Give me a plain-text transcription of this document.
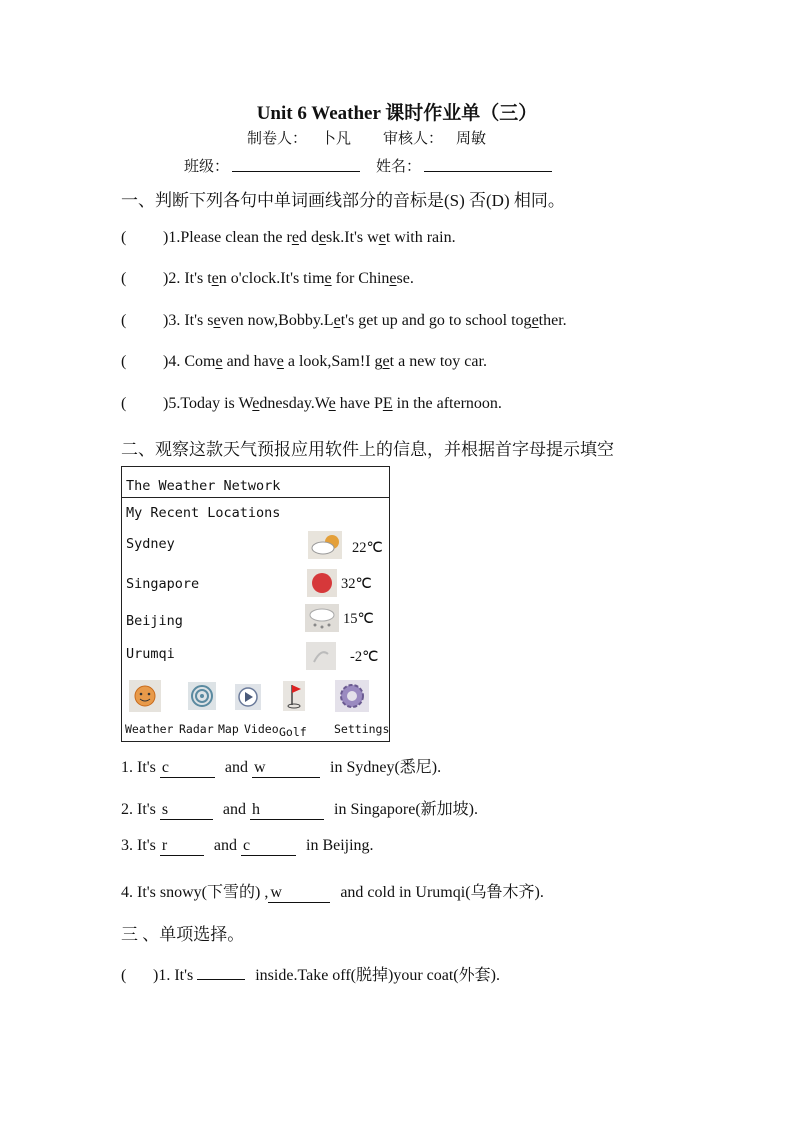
Unit 6 Weather 课时作业单（三）
制卷人： 卜凡 审核人： 周敏
班级：	姓名：
一、判断下列各句中单词画线部分的音标是(S) 否(D) 相同。
( )1.Please clean the red desk.It's wet with rain.
( )2. It's ten o'clock.It's time for Chinese.
( )3. It's seven now,Bobby.Let's get up and go to school together.
( )4. Come and have a look,Sam!I get a new toy car.
( )5.Today is Wednesday.We have PE in the afternoon.
二、观察这款天气预报应用软件上的信息，并根据首字母提示填空
The Weather Network
My Recent Locations
Sydney	22℃
Singapore	32℃
Beijing	15℃
Urumqi	-2℃
Weather Radar Map Video Golf Settings
1. It's c	and w	in Sydney(悉尼).
2. It's s	and h	in Singapore(新加坡).
3. It's r	and c	in Beijing.
4. It's snowy(下雪的) , w	and cold in Urumqi(乌鲁木齐).
三 、单项选择。
( )1. It's	inside.Take off(脱掉)your coat(外套).
